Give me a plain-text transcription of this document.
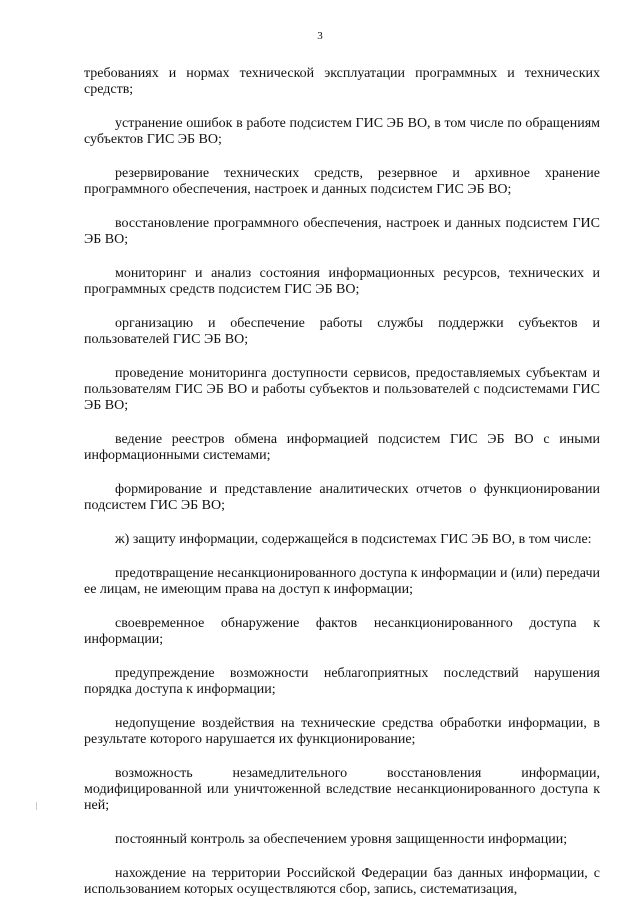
3

требованиях и нормах технической эксплуатации программных и технических средств;

устранение ошибок в работе подсистем ГИС ЭБ ВО, в том числе по обращениям субъектов ГИС ЭБ ВО;

резервирование технических средств, резервное и архивное хранение программного обеспечения, настроек и данных подсистем ГИС ЭБ ВО;

восстановление программного обеспечения, настроек и данных подсистем ГИС ЭБ ВО;

мониторинг и анализ состояния информационных ресурсов, технических и программных средств подсистем ГИС ЭБ ВО;

организацию и обеспечение работы службы поддержки субъектов и пользователей ГИС ЭБ ВО;

проведение мониторинга доступности сервисов, предоставляемых субъектам и пользователям ГИС ЭБ ВО и работы субъектов и пользователей с подсистемами ГИС ЭБ ВО;

ведение реестров обмена информацией подсистем ГИС ЭБ ВО с иными информационными системами;

формирование и представление аналитических отчетов о функционировании подсистем ГИС ЭБ ВО;

ж) защиту информации, содержащейся в подсистемах ГИС ЭБ ВО, в том числе:

предотвращение несанкционированного доступа к информации и (или) передачи ее лицам, не имеющим права на доступ к информации;

своевременное обнаружение фактов несанкционированного доступа к информации;

предупреждение возможности неблагоприятных последствий нарушения порядка доступа к информации;

недопущение воздействия на технические средства обработки информации, в результате которого нарушается их функционирование;

возможность незамедлительного восстановления информации, модифицированной или уничтоженной вследствие несанкционированного доступа к ней;

постоянный контроль за обеспечением уровня защищенности информации;

нахождение на территории Российской Федерации баз данных информации, с использованием которых осуществляются сбор, запись, систематизация,
